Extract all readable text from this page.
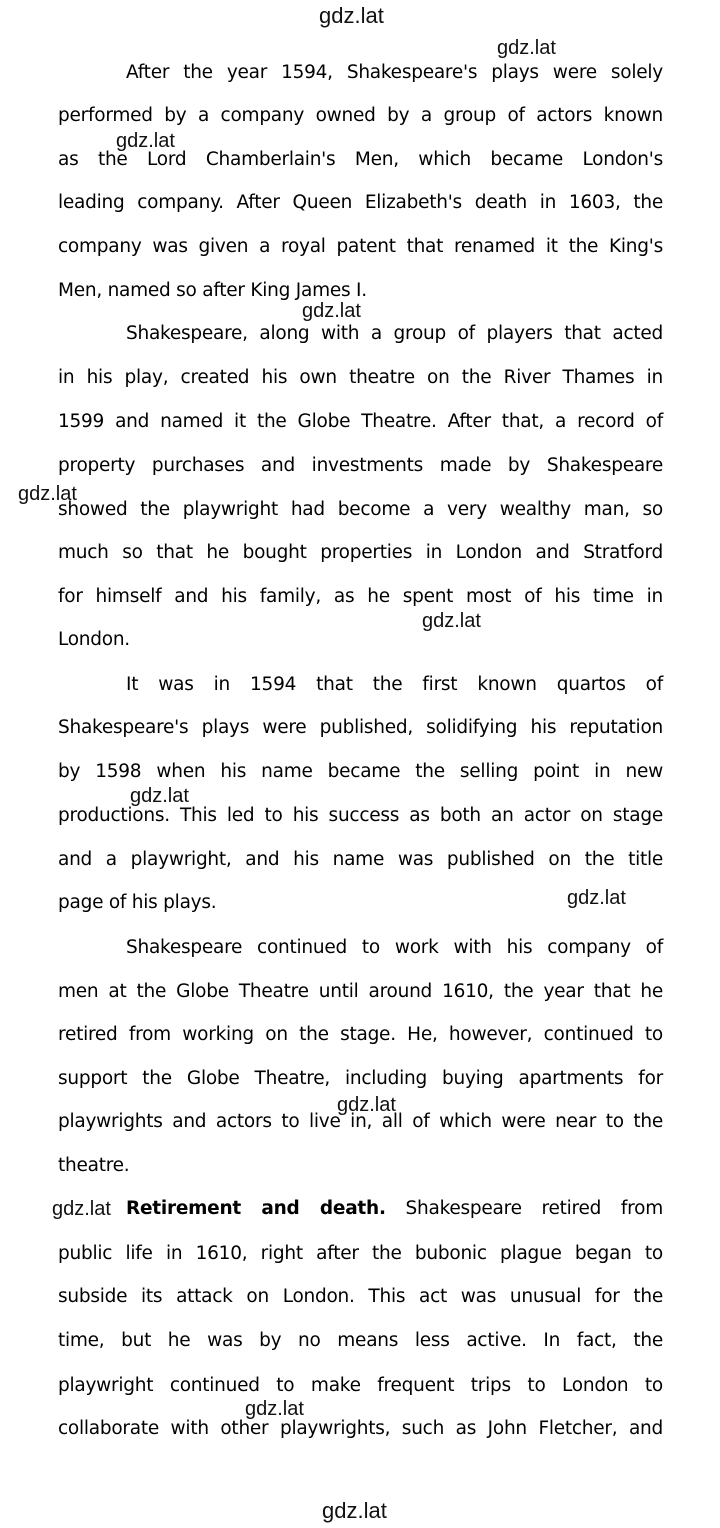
After the year 1594, Shakespeare's plays were solely
performed by a company owned by a group of actors known
as the Lord Chamberlain's Men, which became London's
leading company. After Queen Elizabeth's death in 1603, the
company was given a royal patent that renamed it the King's
Men, named so after King James I.
Shakespeare, along with a group of players that acted
in his play, created his own theatre on the River Thames in
1599 and named it the Globe Theatre. After that, a record of
property purchases and investments made by Shakespeare
showed the playwright had become a very wealthy man, so
much so that he bought properties in London and Stratford
for himself and his family, as he spent most of his time in
London.
It was in 1594 that the first known quartos of
Shakespeare's plays were published, solidifying his reputation
by 1598 when his name became the selling point in new
productions. This led to his success as both an actor on stage
and a playwright, and his name was published on the title
page of his plays.
Shakespeare continued to work with his company of
men at the Globe Theatre until around 1610, the year that he
retired from working on the stage. He, however, continued to
support the Globe Theatre, including buying apartments for
playwrights and actors to live in, all of which were near to the
theatre.
Retirement and death. Shakespeare retired from
public life in 1610, right after the bubonic plague began to
subside its attack on London. This act was unusual for the
time, but he was by no means less active. In fact, the
playwright continued to make frequent trips to London to
collaborate with other playwrights, such as John Fletcher, and
gdz.lat
gdz.lat
gdz.lat
gdz.lat
gdz.lat
gdz.lat
gdz.lat
gdz.lat
gdz.lat
gdz.lat
gdz.lat
gdz.lat
